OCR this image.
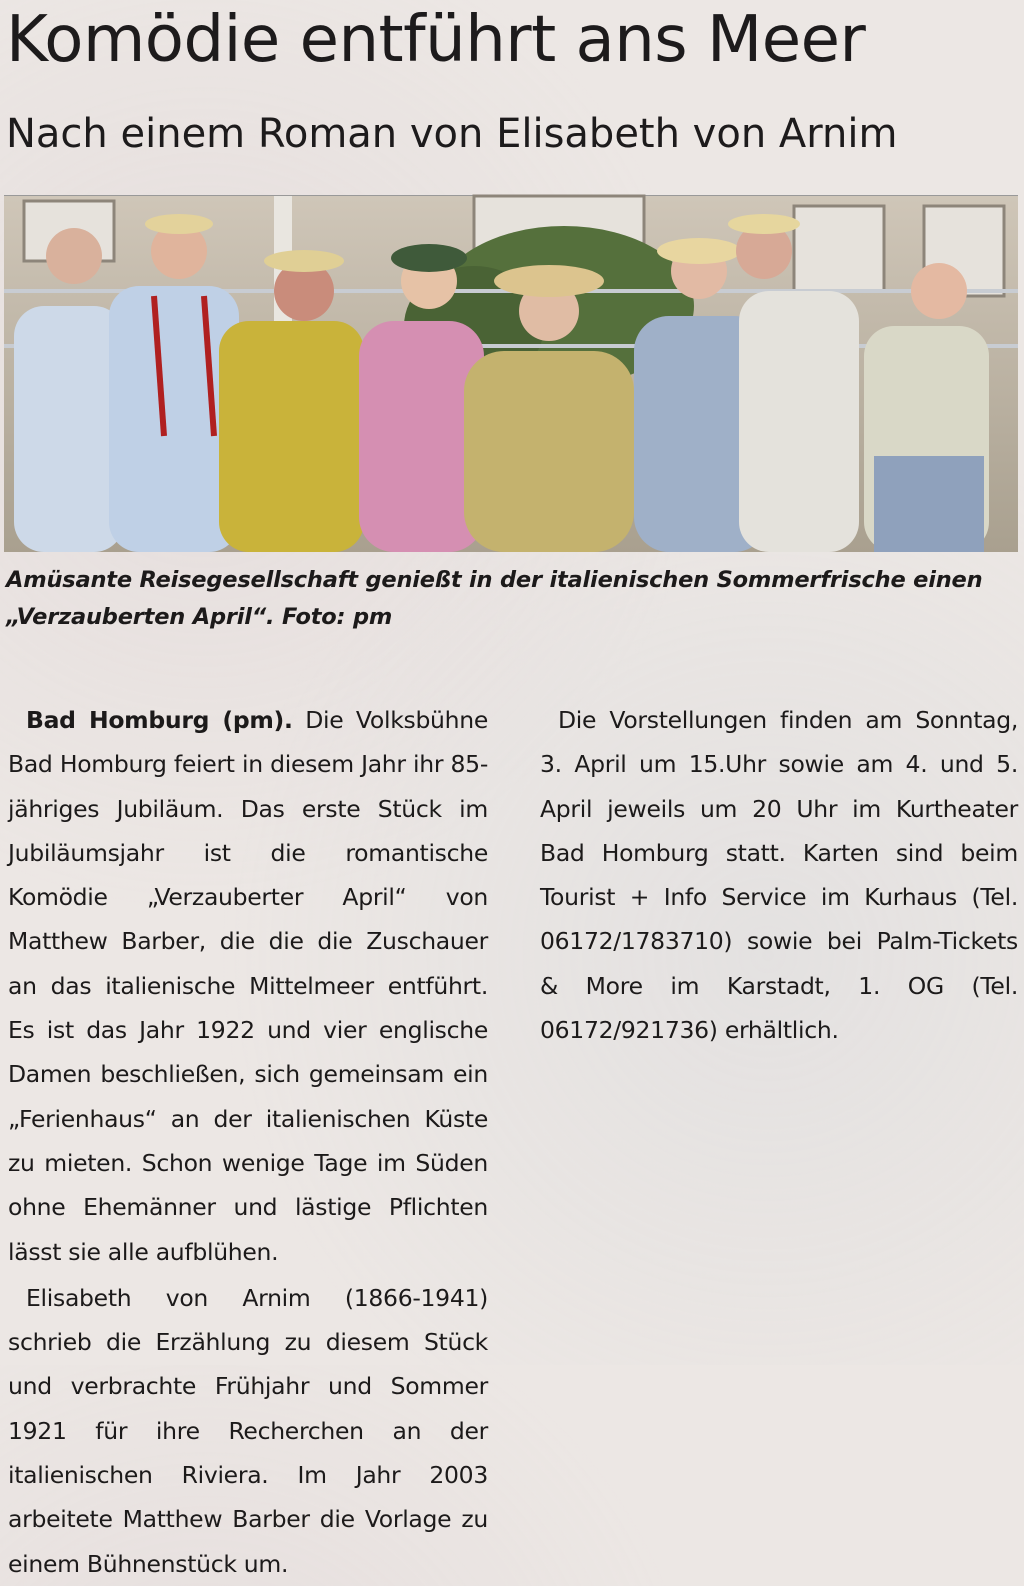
Komödie entführt ans Meer
Nach einem Roman von Elisabeth von Arnim
Amüsante Reisegesellschaft genießt in der italienischen Sommerfrische einen „Verzauberten April“. Foto: pm

Bad Homburg (pm). Die Volksbühne Bad Homburg feiert in diesem Jahr ihr 85-jähriges Jubiläum. Das erste Stück im Jubiläumsjahr ist die romantische Komödie „Verzauberter April“ von Matthew Barber, die die die Zuschauer an das italienische Mittelmeer entführt. Es ist das Jahr 1922 und vier englische Damen beschließen, sich gemeinsam ein „Ferienhaus“ an der italienischen Küste zu mieten. Schon wenige Tage im Süden ohne Ehemänner und lästige Pflichten lässt sie alle aufblühen.

Elisabeth von Arnim (1866-1941) schrieb die Erzählung zu diesem Stück und verbrachte Frühjahr und Sommer 1921 für ihre Recherchen an der italienischen Riviera. Im Jahr 2003 arbeitete Matthew Barber die Vorlage zu einem Bühnenstück um.

Die Vorstellungen finden am Sonntag, 3. April um 15.Uhr sowie am 4. und 5. April jeweils um 20 Uhr im Kurtheater Bad Homburg statt. Karten sind beim Tourist + Info Service im Kurhaus (Tel. 06172/1783710) sowie bei Palm-Tickets & More im Karstadt, 1. OG (Tel. 06172/921736) erhältlich.
